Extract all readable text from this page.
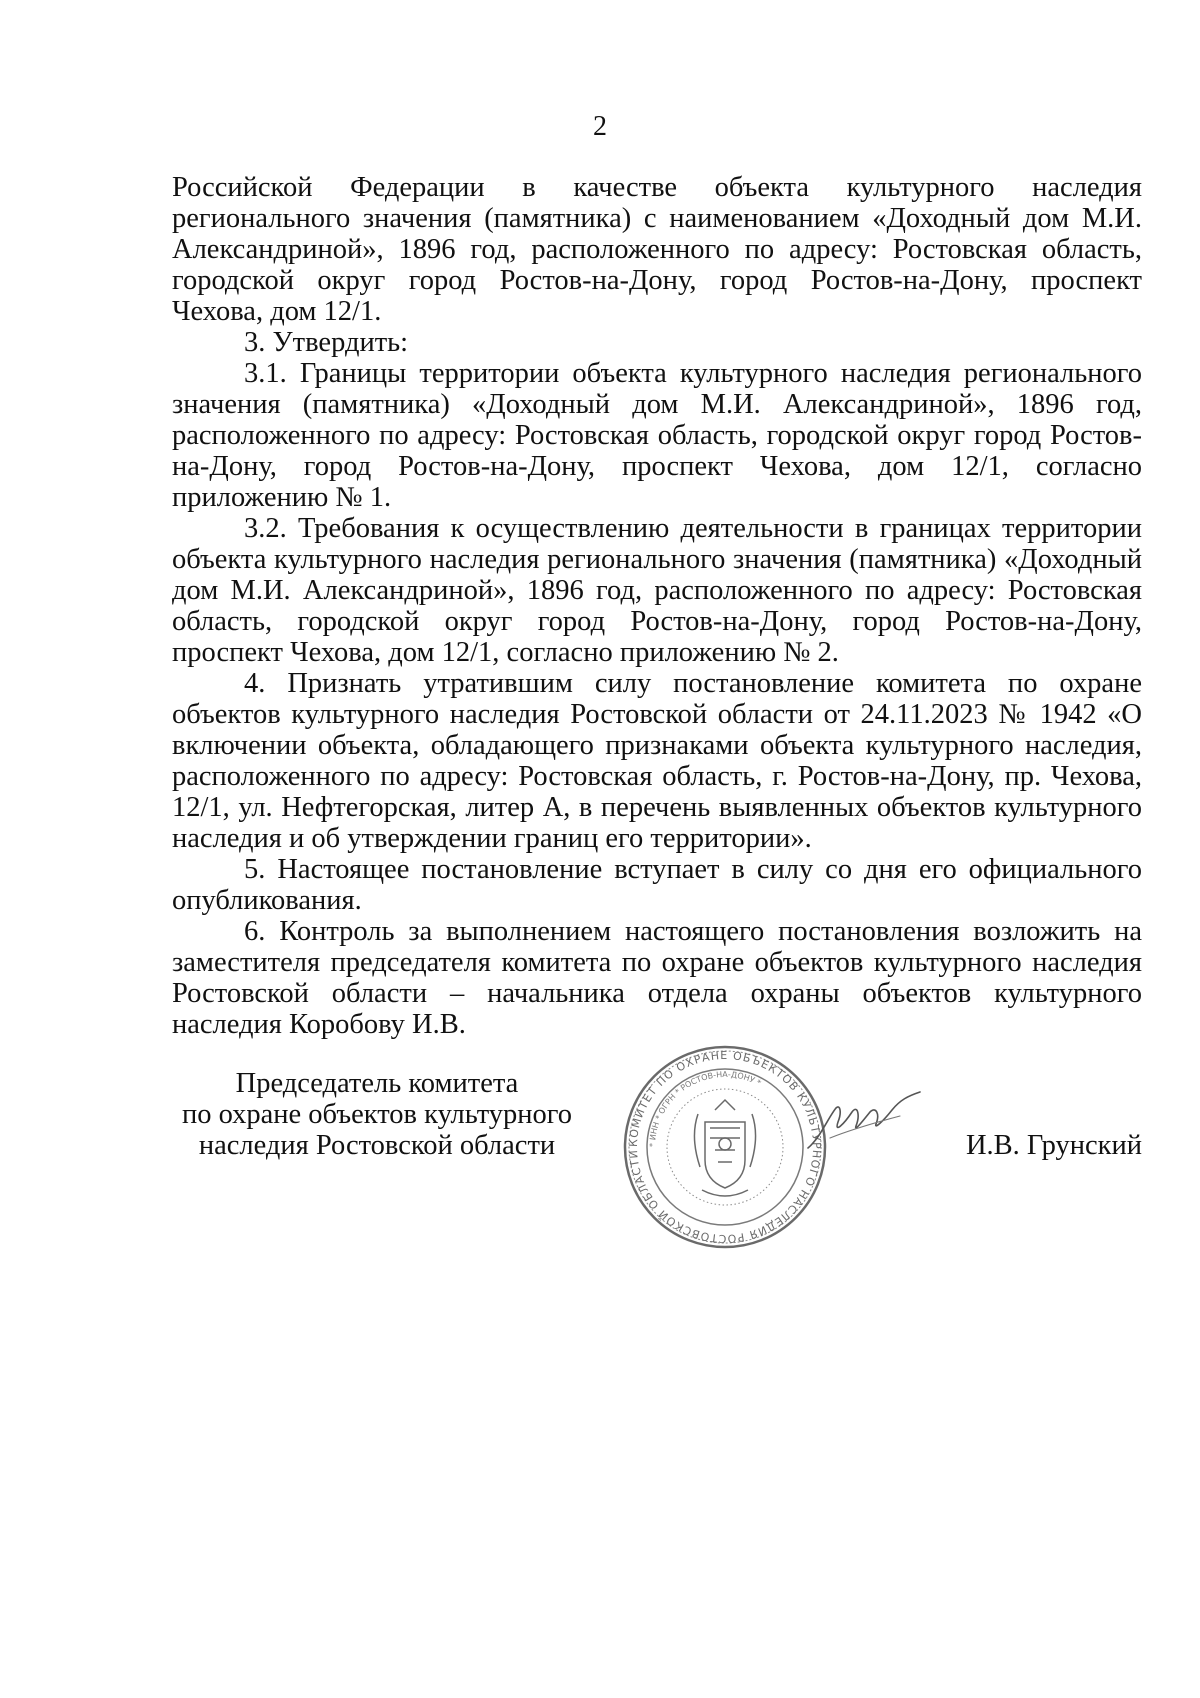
2

Российской Федерации в качестве объекта культурного наследия регионального значения (памятника) с наименованием «Доходный дом М.И. Александриной», 1896 год, расположенного по адресу: Ростовская область, городской округ город Ростов-на-Дону, город Ростов-на-Дону, проспект Чехова, дом 12/1.

3. Утвердить:

3.1. Границы территории объекта культурного наследия регионального значения (памятника) «Доходный дом М.И. Александриной», 1896 год, расположенного по адресу: Ростовская область, городской округ город Ростов-на-Дону, город Ростов-на-Дону, проспект Чехова, дом 12/1, согласно приложению № 1.

3.2. Требования к осуществлению деятельности в границах территории объекта культурного наследия регионального значения (памятника) «Доходный дом М.И. Александриной», 1896 год, расположенного по адресу: Ростовская область, городской округ город Ростов-на-Дону, город Ростов-на-Дону, проспект Чехова, дом 12/1, согласно приложению № 2.

4. Признать утратившим силу постановление комитета по охране объектов культурного наследия Ростовской области от 24.11.2023 № 1942 «О включении объекта, обладающего признаками объекта культурного наследия, расположенного по адресу: Ростовская область, г. Ростов-на-Дону, пр. Чехова, 12/1, ул. Нефтегорская, литер А, в перечень выявленных объектов культурного наследия и об утверждении границ его территории».

5. Настоящее постановление вступает в силу со дня его официального опубликования.

6. Контроль за выполнением настоящего постановления возложить на заместителя председателя комитета по охране объектов культурного наследия Ростовской области – начальника отдела охраны объектов культурного наследия Коробову И.В.

Председатель комитета
по охране объектов культурного
наследия Ростовской области	КОМИТЕТ ПО ОХРАНЕ ОБЪЕКТОВ КУЛЬТУРНОГО НАСЛЕДИЯ РОСТОВСКОЙ ОБЛАСТИ
* ИНН * ОГРН * РОСТОВ-НА-ДОНУ *
И.В. Грунский
